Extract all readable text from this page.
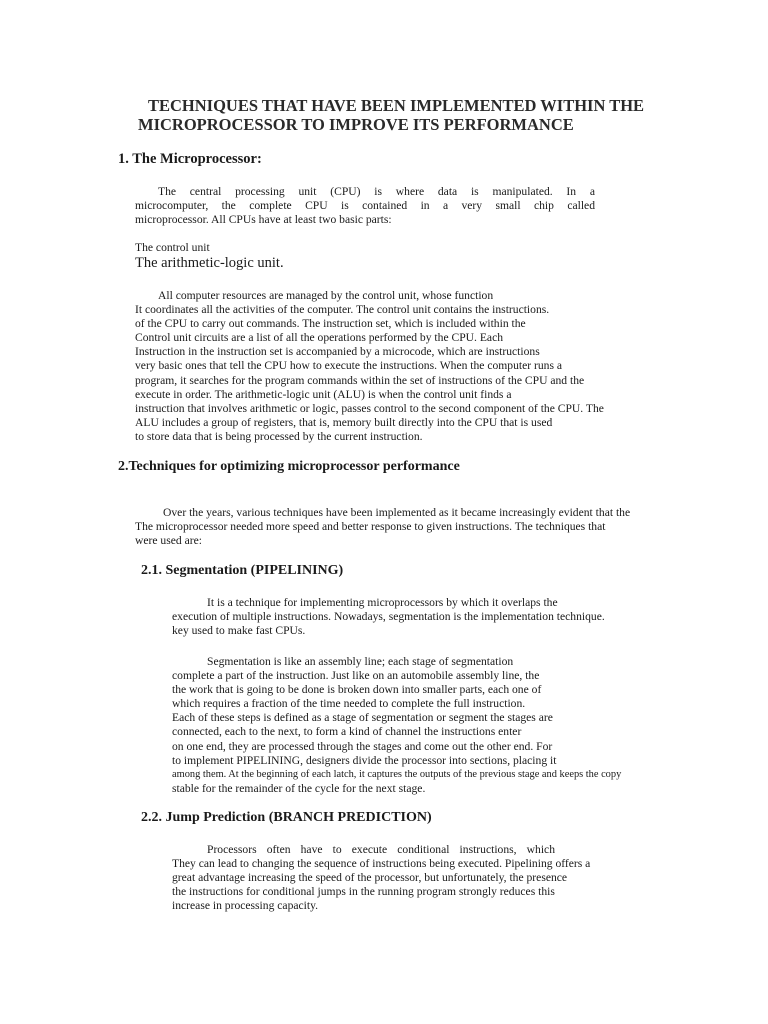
TECHNIQUES THAT HAVE BEEN IMPLEMENTED WITHIN THE
MICROPROCESSOR TO IMPROVE ITS PERFORMANCE
1. The Microprocessor:
The central processing unit (CPU) is where data is manipulated. In a
microcomputer, the complete CPU is contained in a very small chip called
microprocessor. All CPUs have at least two basic parts:
The control unit
The arithmetic-logic unit.
All computer resources are managed by the control unit, whose function
It coordinates all the activities of the computer. The control unit contains the instructions.
of the CPU to carry out commands. The instruction set, which is included within the
Control unit circuits are a list of all the operations performed by the CPU. Each
Instruction in the instruction set is accompanied by a microcode, which are instructions
very basic ones that tell the CPU how to execute the instructions. When the computer runs a
program, it searches for the program commands within the set of instructions of the CPU and the
execute in order. The arithmetic-logic unit (ALU) is when the control unit finds a
instruction that involves arithmetic or logic, passes control to the second component of the CPU. The
ALU includes a group of registers, that is, memory built directly into the CPU that is used
to store data that is being processed by the current instruction.
2.Techniques for optimizing microprocessor performance
Over the years, various techniques have been implemented as it became increasingly evident that the
The microprocessor needed more speed and better response to given instructions. The techniques that
were used are:
2.1. Segmentation (PIPELINING)
It is a technique for implementing microprocessors by which it overlaps the
execution of multiple instructions. Nowadays, segmentation is the implementation technique.
key used to make fast CPUs.
Segmentation is like an assembly line; each stage of segmentation
complete a part of the instruction. Just like on an automobile assembly line, the
the work that is going to be done is broken down into smaller parts, each one of
which requires a fraction of the time needed to complete the full instruction.
Each of these steps is defined as a stage of segmentation or segment the stages are
connected, each to the next, to form a kind of channel the instructions enter
on one end, they are processed through the stages and come out the other end. For
to implement PIPELINING, designers divide the processor into sections, placing it
among them. At the beginning of each latch, it captures the outputs of the previous stage and keeps the copy
stable for the remainder of the cycle for the next stage.
2.2. Jump Prediction (BRANCH PREDICTION)
Processors often have to execute conditional instructions, which
They can lead to changing the sequence of instructions being executed. Pipelining offers a
great advantage increasing the speed of the processor, but unfortunately, the presence
the instructions for conditional jumps in the running program strongly reduces this
increase in processing capacity.
